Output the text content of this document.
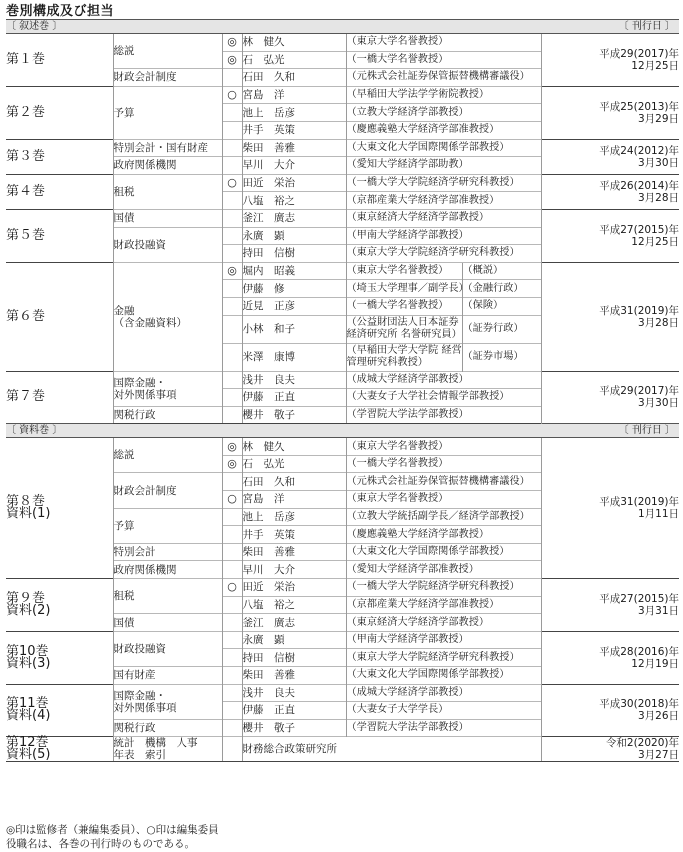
巻別構成及び担当
〔 叙述巻 〕						〔 刊行日 〕
第１巻	総説	◎	林　健久	（東京大学名誉教授）		平成29(2017)年
12月25日
		◎	石　弘光	（一橋大学名誉教授）		
	財政会計制度		石田　久和	（元株式会社証券保管振替機構審議役）		
第２巻	予算	○	宮島　洋	（早稲田大学法学学術院教授）		平成25(2013)年
3月29日
			池上　岳彦	（立教大学経済学部教授）		
			井手　英策	（慶應義塾大学経済学部准教授）		
第３巻	特別会計・国有財産		柴田　善雅	（大東文化大学国際関係学部教授）		平成24(2012)年
3月30日
	政府関係機関		早川　大介	（愛知大学経済学部助教）		
第４巻	租税	○	田近　栄治	（一橋大学大学院経済学研究科教授）		平成26(2014)年
3月28日
			八塩　裕之	（京都産業大学経済学部准教授）		
第５巻	国債		釜江　廣志	（東京経済大学経済学部教授）		平成27(2015)年
12月25日
	財政投融資		永廣　顕	（甲南大学経済学部教授）		
			持田　信樹	（東京大学大学院経済学研究科教授）		
第６巻	金融
（含金融資料）	◎	堀内　昭義	（東京大学名誉教授）	（概説）	平成31(2019)年
3月28日
			伊藤　修	（埼玉大学理事／副学長）	（金融行政）	
			近見　正彦	（一橋大学名誉教授）	（保険）	
			小林　和子	（公益財団法人日本証券
経済研究所 名誉研究員）	（証券行政）	
			米澤　康博	（早稲田大学大学院 経営
管理研究科教授）	（証券市場）	
第７巻	国際金融・
対外関係事項		浅井　良夫	（成城大学経済学部教授）		平成29(2017)年
3月30日
			伊藤　正直	（大妻女子大学社会情報学部教授）		
	関税行政		櫻井　敬子	（学習院大学法学部教授）		
〔 資料巻 〕						〔 刊行日 〕
第８巻
資料(1)	総説	◎	林　健久	（東京大学名誉教授）		平成31(2019)年
1月11日
		◎	石　弘光	（一橋大学名誉教授）		
	財政会計制度		石田　久和	（元株式会社証券保管振替機構審議役）		
		○	宮島　洋	（東京大学名誉教授）		
	予算		池上　岳彦	（立教大学統括副学長／経済学部教授）		
			井手　英策	（慶應義塾大学経済学部教授）		
	特別会計		柴田　善雅	（大東文化大学国際関係学部教授）		
	政府関係機関		早川　大介	（愛知大学経済学部准教授）		
第９巻
資料(2)	租税	○	田近　栄治	（一橋大学大学院経済学研究科教授）		平成27(2015)年
3月31日
			八塩　裕之	（京都産業大学経済学部准教授）		
	国債		釜江　廣志	（東京経済大学経済学部教授）		
第10巻
資料(3)	財政投融資		永廣　顕	（甲南大学経済学部教授）		平成28(2016)年
12月19日
			持田　信樹	（東京大学大学院経済学研究科教授）		
	国有財産		柴田　善雅	（大東文化大学国際関係学部教授）		
第11巻
資料(4)	国際金融・
対外関係事項		浅井　良夫	（成城大学経済学部教授）		平成30(2018)年
3月26日
			伊藤　正直	（大妻女子大学学長）		
	関税行政		櫻井　敬子	（学習院大学法学部教授）		
第12巻
資料(5)	統計　機構　人事
年表　索引		財務総合政策研究所			令和2(2020)年
3月27日
◎印は監修者（兼編集委員）、○印は編集委員
役職名は、各巻の刊行時のものである。
